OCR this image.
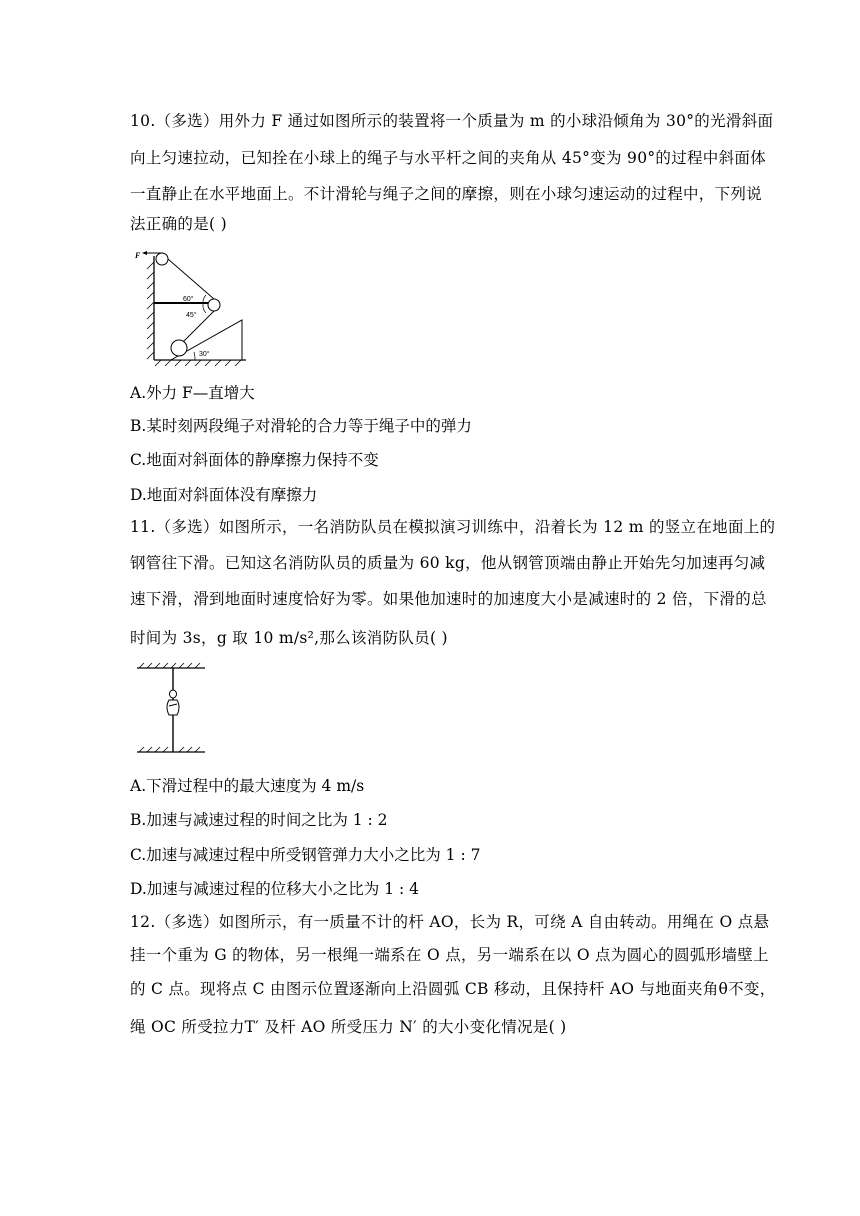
10.（多选）用外力 F 通过如图所示的装置将一个质量为 m 的小球沿倾角为 30°的光滑斜面
向上匀速拉动，已知拴在小球上的绳子与水平杆之间的夹角从 45°变为 90°的过程中斜面体
一直静止在水平地面上。不计滑轮与绳子之间的摩擦，则在小球匀速运动的过程中，下列说
法正确的是( )
F
60°
45°
30°
A.外力 F—直增大
B.某时刻两段绳子对滑轮的合力等于绳子中的弹力
C.地面对斜面体的静摩擦力保持不变
D.地面对斜面体没有摩擦力
11.（多选）如图所示，一名消防队员在模拟演习训练中，沿着长为 12 m 的竖立在地面上的
钢管往下滑。已知这名消防队员的质量为 60 kg，他从钢管顶端由静止开始先匀加速再匀减
速下滑，滑到地面时速度恰好为零。如果他加速时的加速度大小是减速时的 2 倍，下滑的总
时间为 3s，g 取 10 m/s²,那么该消防队员( )
A.下滑过程中的最大速度为 4 m/s
B.加速与减速过程的时间之比为 1 : 2
C.加速与减速过程中所受钢管弹力大小之比为 1 : 7
D.加速与减速过程的位移大小之比为 1 : 4
12.（多选）如图所示，有一质量不计的杆 AO，长为 R，可绕 A 自由转动。用绳在 O 点悬
挂一个重为 G 的物体，另一根绳一端系在 O 点，另一端系在以 O 点为圆心的圆弧形墙壁上
的 C 点。现将点 C 由图示位置逐渐向上沿圆弧 CB 移动，且保持杆 AO 与地面夹角θ不变，
绳 OC 所受拉力T′ 及杆 AO 所受压力 N′ 的大小变化情况是( )
